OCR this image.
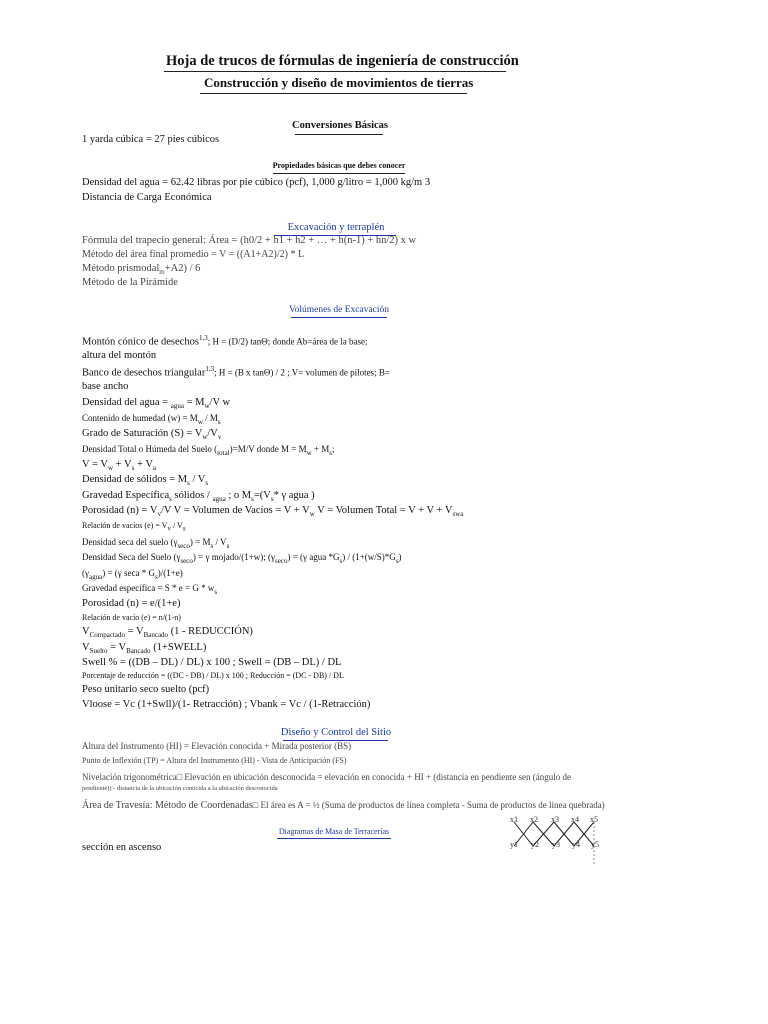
Hoja de trucos de fórmulas de ingeniería de construcción
Construcción y diseño de movimientos de tierras
Conversiones Básicas
1 yarda cúbica = 27 pies cúbicos
Propiedades básicas que debes conocer
Densidad del agua = 62.42 libras por pie cúbico (pcf), 1,000 g/litro = 1,000 kg/m 3
Distancia de Carga Económica
Excavación y terraplén
Fórmula del trapecio general: Área = (h0/2 + h1 + h2 + … + h(n-1) + hn/2) x w
Método del área final promedio = V = ((A1+A2)/2) * L
Método prismodal$_m$+A2) / 6
Método de la Pirámide
Volúmenes de Excavación
Montón cónico de desechos$^{1,3}$; H = (D/2) tanΘ; donde Ab=área de la base;
altura del montón
Banco de desechos triangular$^{1,3}$; H = (B x tanΘ) / 2 ; V= volumen de pilotes; B=
base ancho
Densidad del agua = $_{agua} = M_w/V$ w
Contenido de humedad $(w) = M_w / M_s$
Grado de Saturación $(S) = V_w/V_v$
Densidad Total o Húmeda del Suelo $(_{total})=M/V$ donde $M = M_w + M_s$;
$V = V_w + V_s + V_a$
Densidad de sólidos = $M_s / V_s$
Gravedad Específica$_s$ sólidos / $_{agua}$ ; o $M_s=(V_s*$ γ agua )
Porosidad $(n) = V_v/V$ V = Volumen de Vacíos = $V + V_w$ V = Volumen Total = $V + V + V_{swa}$
Relación de vacíos $(e) = V_v / V_s$
Densidad seca del suelo $(\gamma_{seco}) = M_s / V_s$
Densidad Seca del Suelo $(\gamma_{seco}) = \gamma$ mojado/(1+w); $(\gamma_{seco}) = (\gamma$ agua $*G_s) / (1+(w/S)*G_s)$
$(\gamma_{agua}) = (\gamma$ $\sec a * G_s)/(1+e)$
Gravedad específica = $S * e = G * w_s$
Porosidad (n) = e/(1+e)
Relación de vacío (e) = n/(1-n)
$V_{Compactado} = V_{Bancado}$ (1 - REDUCCIÓN)
$V_{Suelto} = V_{Bancado}$ (1+SWELL)
Swell % = ((DB – DL) / DL) x 100 ; Swell = (DB – DL) / DL
Porcentaje de reducción = ((DC - DB) / DL) x 100 ; Reducción = (DC - DB) / DL
Peso unitario seco suelto (pcf)
Vloose = Vc (1+Swll)/(1- Retracción) ; Vbank = Vc / (1-Retracción)
Diseño y Control del Sitio
Altura del Instrumento (HI) = Elevación conocida + Mirada posterior (BS)
Punto de Inflexión (TP) = Altura del Instrumento (HI) - Vista de Anticipación (FS)
Nivelación trigonométrica□ Elevación en ubicación desconocida = elevación en conocida + HI + (distancia en pendiente sen (ángulo de
pendiente)) - distancia de la ubicación conocida a la ubicación desconocida
Área de Travesía: Método de Coordenadas□ El área es A = ½ (Suma de productos de línea completa - Suma de productos de línea quebrada)
Diagramas de Masa de Terracerías
sección en ascenso
x1 x2 x3 x4 x5
y1 y2 y3 y4 y5
